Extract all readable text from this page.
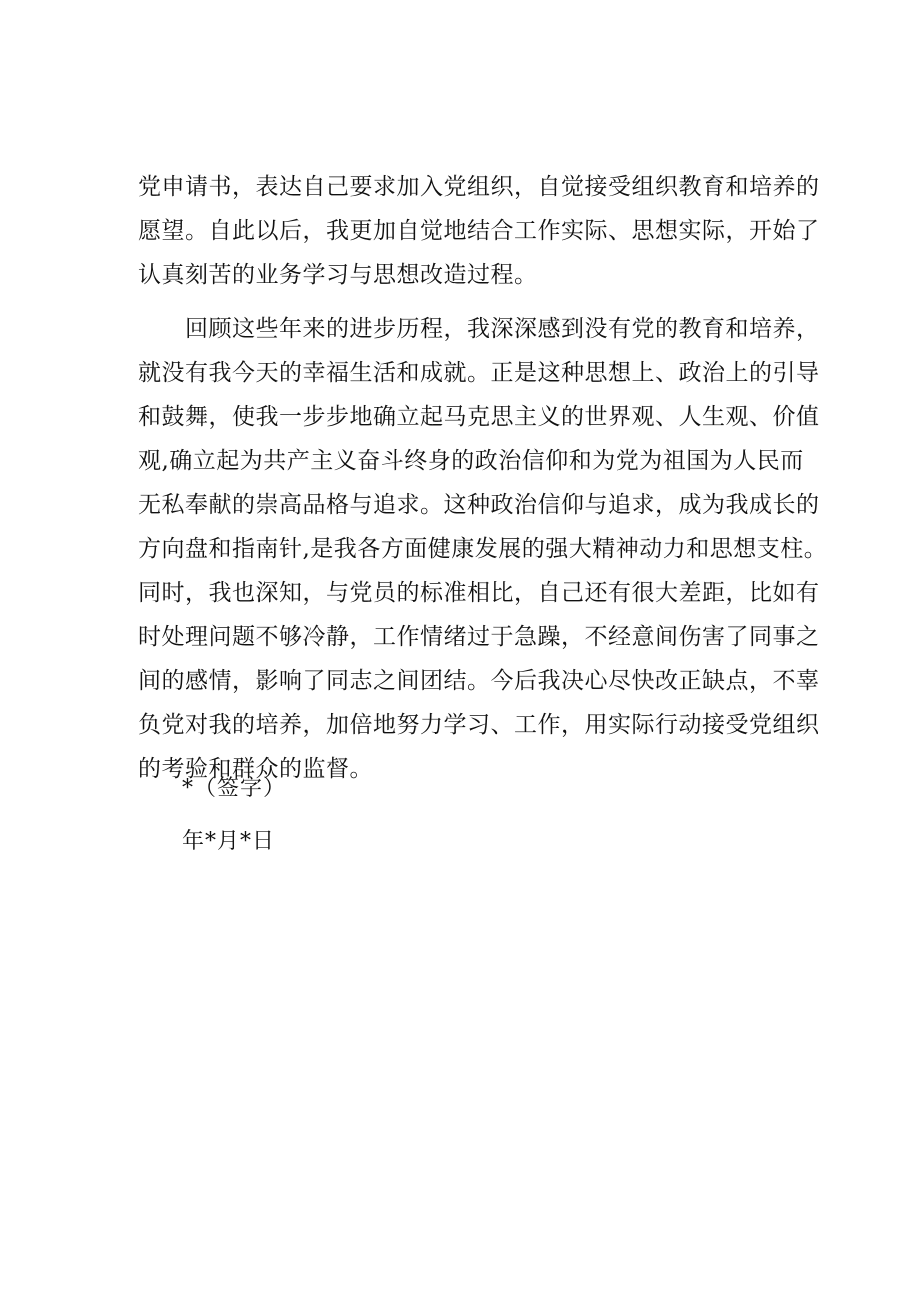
党申请书，表达自己要求加入党组织，自觉接受组织教育和培养的
愿望。自此以后，我更加自觉地结合工作实际、思想实际，开始了
认真刻苦的业务学习与思想改造过程。
　　回顾这些年来的进步历程，我深深感到没有党的教育和培养，
就没有我今天的幸福生活和成就。正是这种思想上、政治上的引导
和鼓舞，使我一步步地确立起马克思主义的世界观、人生观、价值
观,确立起为共产主义奋斗终身的政治信仰和为党为祖国为人民而
无私奉献的崇高品格与追求。这种政治信仰与追求，成为我成长的
方向盘和指南针,是我各方面健康发展的强大精神动力和思想支柱。
同时，我也深知，与党员的标准相比，自己还有很大差距，比如有
时处理问题不够冷静，工作情绪过于急躁，不经意间伤害了同事之
间的感情，影响了同志之间团结。今后我决心尽快改正缺点，不辜
负党对我的培养，加倍地努力学习、工作，用实际行动接受党组织
的考验和群众的监督。
*（签字）
年*月*日
